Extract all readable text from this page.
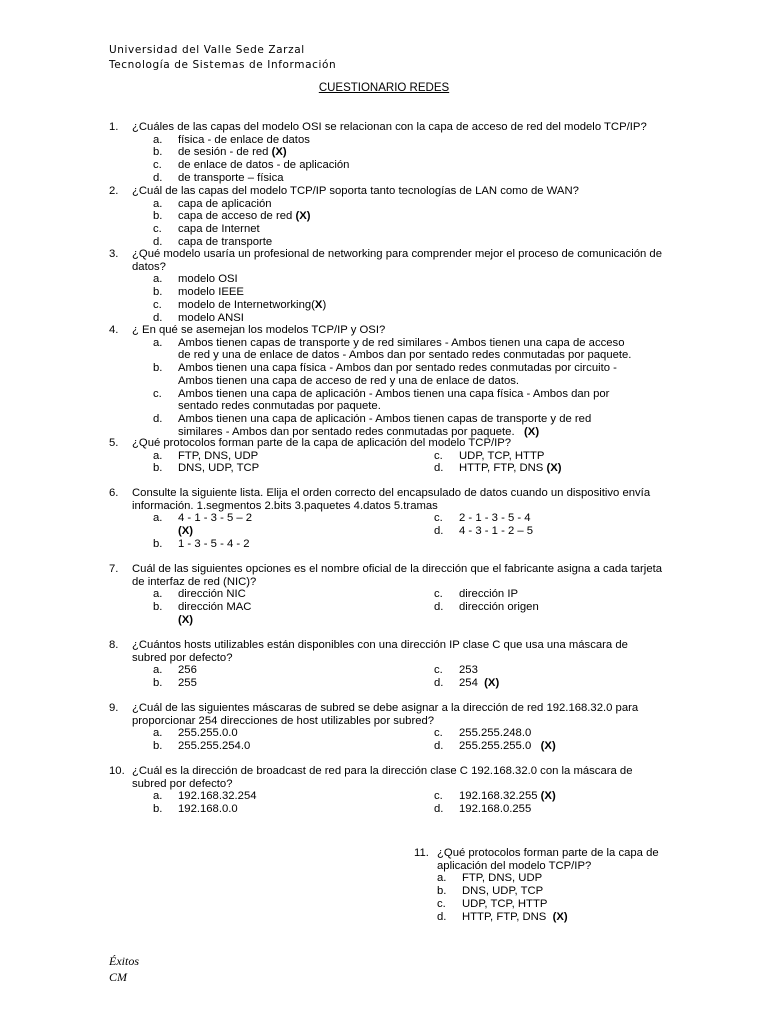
Universidad del Valle Sede Zarzal
Tecnología de Sistemas de Información
CUESTIONARIO REDES
1.	¿Cuáles de las capas del modelo OSI se relacionan con la capa de acceso de red del modelo TCP/IP?
a.	física - de enlace de datos
b.	de sesión - de red (X)
c.	de enlace de datos - de aplicación
d.	de transporte – física
2.	¿Cuál de las capas del modelo TCP/IP soporta tanto tecnologías de LAN como de WAN?
a.	capa de aplicación
b.	capa de acceso de red (X)
c.	capa de Internet
d.	capa de transporte
3.	¿Qué modelo usaría un profesional de networking para comprender mejor el proceso de comunicación de datos?
a.	modelo OSI
b.	modelo IEEE
c.	modelo de Internetworking(X)
d.	modelo ANSI
4.	¿ En qué se asemejan los modelos TCP/IP y OSI?
a.	Ambos tienen capas de transporte y de red similares - Ambos tienen una capa de acceso de red y una de enlace de datos - Ambos dan por sentado redes conmutadas por paquete.
b.	Ambos tienen una capa física - Ambos dan por sentado redes conmutadas por circuito - Ambos tienen una capa de acceso de red y una de enlace de datos.
c.	Ambos tienen una capa de aplicación - Ambos tienen una capa física - Ambos dan por sentado redes conmutadas por paquete.
d.	Ambos tienen una capa de aplicación - Ambos tienen capas de transporte y de red similares - Ambos dan por sentado redes conmutadas por paquete.   (X)
5.	¿Qué protocolos forman parte de la capa de aplicación del modelo TCP/IP?
a.	FTP, DNS, UDP	c.	UDP, TCP, HTTP
b.	DNS, UDP, TCP	d.	HTTP, FTP, DNS (X)
6.	Consulte la siguiente lista. Elija el orden correcto del encapsulado de datos cuando un dispositivo envía información. 1.segmentos 2.bits 3.paquetes 4.datos 5.tramas
a.	4 - 1 - 3 - 5 – 2	c.	2 - 1 - 3 - 5 - 4
(X)	d.	4 - 3 - 1 - 2 – 5
b.	1 - 3 - 5 - 4 - 2
7.	Cuál de las siguientes opciones es el nombre oficial de la dirección que el fabricante asigna a cada tarjeta de interfaz de red (NIC)?
a.	dirección NIC	c.	dirección IP
b.	dirección MAC	d.	dirección origen
(X)
8.	¿Cuántos hosts utilizables están disponibles con una dirección IP clase C que usa una máscara de subred por defecto?
a.	256	c.	253
b.	255	d.	254  (X)
9.	¿Cuál de las siguientes máscaras de subred se debe asignar a la dirección de red 192.168.32.0 para proporcionar 254 direcciones de host utilizables por subred?
a.	255.255.0.0	c.	255.255.248.0
b.	255.255.254.0	d.	255.255.255.0   (X)
10. ¿Cuál es la dirección de broadcast de red para la dirección clase C 192.168.32.0 con la máscara de subred por defecto?
a.	192.168.32.254	c.	192.168.32.255 (X)
b.	192.168.0.0	d.	192.168.0.255
11. ¿Qué protocolos forman parte de la capa de aplicación del modelo TCP/IP?
a.	FTP, DNS, UDP
b.	DNS, UDP, TCP
c.	UDP, TCP, HTTP
d.	HTTP, FTP, DNS  (X)
Éxitos
CM
